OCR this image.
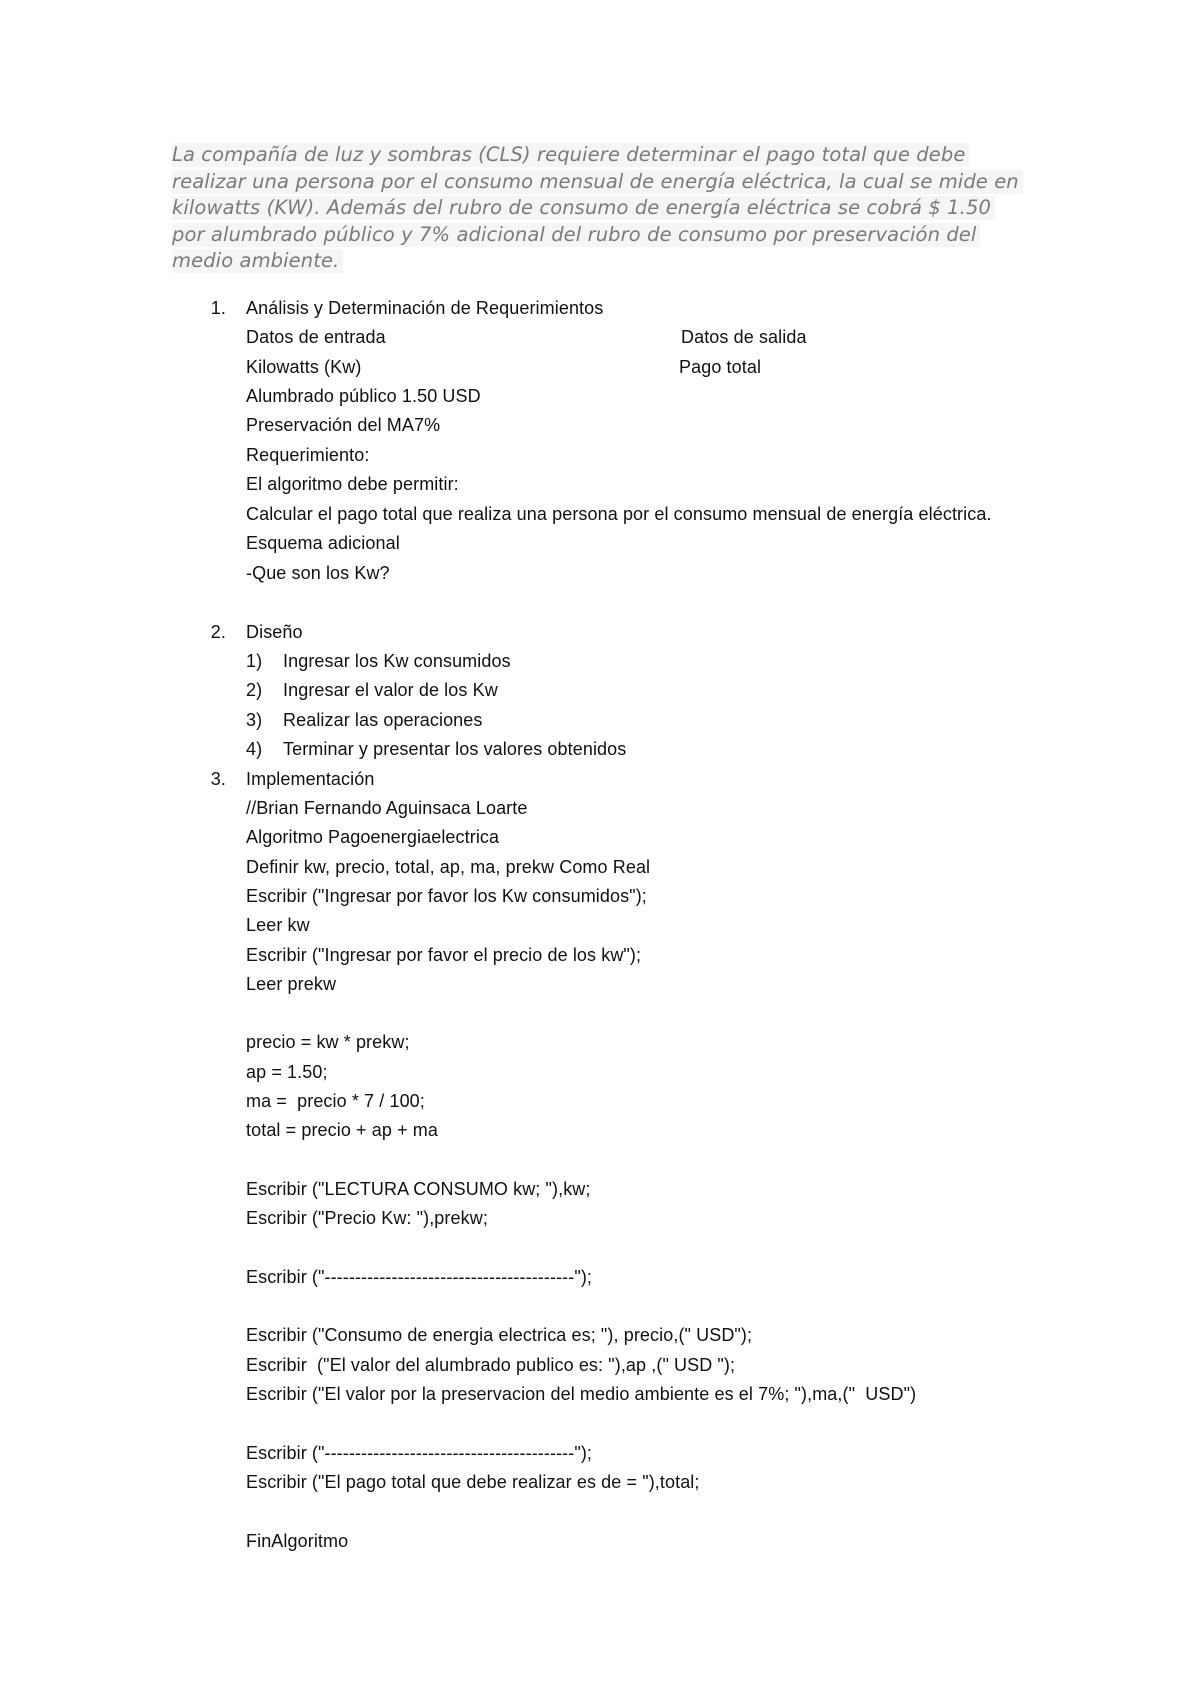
La compañía de luz y sombras (CLS) requiere determinar el pago total que debe
realizar una persona por el consumo mensual de energía eléctrica, la cual se mide en
kilowatts (KW). Además del rubro de consumo de energía eléctrica se cobrá $ 1.50
por alumbrado público y 7% adicional del rubro de consumo por preservación del
medio ambiente.

1.

Análisis y Determinación de Requerimientos

Datos de entrada

	Datos de salida

Kilowatts (Kw)

	Pago total

Alumbrado público 1.50 USD

Preservación del MA7%

Requerimiento:

El algoritmo debe permitir:

Calcular el pago total que realiza una persona por el consumo mensual de energía eléctrica.

Esquema adicional

-Que son los Kw?

2.

Diseño

1)

Ingresar los Kw consumidos

2)

Ingresar el valor de los Kw

3)

Realizar las operaciones

4)

Terminar y presentar los valores obtenidos

3.

Implementación

//Brian Fernando Aguinsaca Loarte
Algoritmo Pagoenergiaelectrica
Definir kw, precio, total, ap, ma, prekw Como Real
Escribir ("Ingresar por favor los Kw consumidos");
Leer kw
Escribir ("Ingresar por favor el precio de los kw");
Leer prekw
precio = kw * prekw;
ap = 1.50;
ma =  precio * 7 / 100;
total = precio + ap + ma
Escribir ("LECTURA CONSUMO kw; "),kw;
Escribir ("Precio Kw: "),prekw;
Escribir ("-----------------------------------------");
Escribir ("Consumo de energia electrica es; "), precio,(" USD");
Escribir  ("El valor del alumbrado publico es: "),ap ,(" USD ");
Escribir ("El valor por la preservacion del medio ambiente es el 7%; "),ma,("  USD")
Escribir ("-----------------------------------------");
Escribir ("El pago total que debe realizar es de = "),total;
FinAlgoritmo
